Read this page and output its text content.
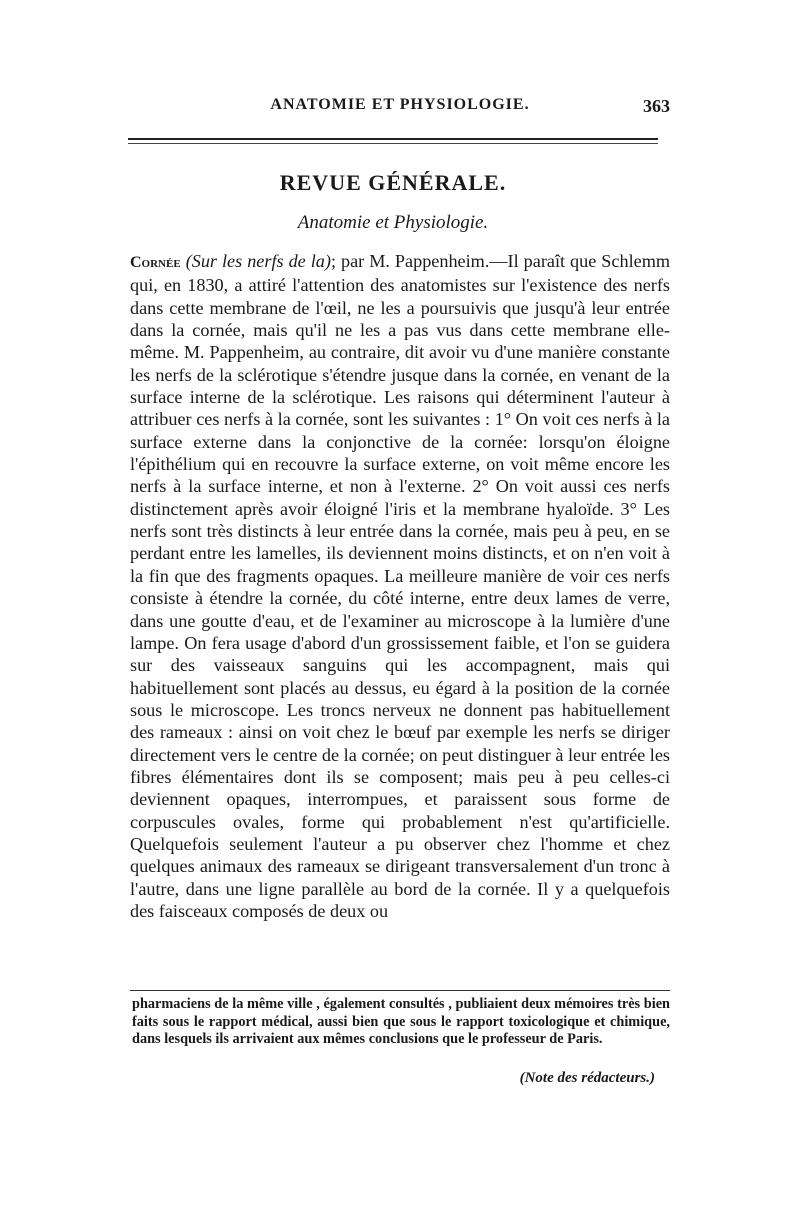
ANATOMIE ET PHYSIOLOGIE.	363
REVUE GÉNÉRALE.
Anatomie et Physiologie.
Cornée (Sur les nerfs de la); par M. Pappenheim.—Il paraît que Schlemm qui, en 1830, a attiré l'attention des anatomistes sur l'existence des nerfs dans cette membrane de l'œil, ne les a poursuivis que jusqu'à leur entrée dans la cornée, mais qu'il ne les a pas vus dans cette membrane elle-même. M. Pappenheim, au contraire, dit avoir vu d'une manière constante les nerfs de la sclérotique s'étendre jusque dans la cornée, en venant de la surface interne de la sclérotique. Les raisons qui déterminent l'auteur à attribuer ces nerfs à la cornée, sont les suivantes : 1° On voit ces nerfs à la surface externe dans la conjonctive de la cornée: lorsqu'on éloigne l'épithélium qui en recouvre la surface externe, on voit même encore les nerfs à la surface interne, et non à l'externe. 2° On voit aussi ces nerfs distinctement après avoir éloigné l'iris et la membrane hyaloïde. 3° Les nerfs sont très distincts à leur entrée dans la cornée, mais peu à peu, en se perdant entre les lamelles, ils deviennent moins distincts, et on n'en voit à la fin que des fragments opaques. La meilleure manière de voir ces nerfs consiste à étendre la cornée, du côté interne, entre deux lames de verre, dans une goutte d'eau, et de l'examiner au microscope à la lumière d'une lampe. On fera usage d'abord d'un grossissement faible, et l'on se guidera sur des vaisseaux sanguins qui les accompagnent, mais qui habituellement sont placés au dessus, eu égard à la position de la cornée sous le microscope. Les troncs nerveux ne donnent pas habituellement des rameaux : ainsi on voit chez le bœuf par exemple les nerfs se diriger directement vers le centre de la cornée; on peut distinguer à leur entrée les fibres élémentaires dont ils se composent; mais peu à peu celles-ci deviennent opaques, interrompues, et paraissent sous forme de corpuscules ovales, forme qui probablement n'est qu'artificielle. Quelquefois seulement l'auteur a pu observer chez l'homme et chez quelques animaux des rameaux se dirigeant transversalement d'un tronc à l'autre, dans une ligne parallèle au bord de la cornée. Il y a quelquefois des faisceaux composés de deux ou
pharmaciens de la même ville , également consultés , publiaient deux mémoires très bien faits sous le rapport médical, aussi bien que sous le rapport toxicologique et chimique, dans lesquels ils arrivaient aux mêmes conclusions que le professeur de Paris.
(Note des rédacteurs.)
